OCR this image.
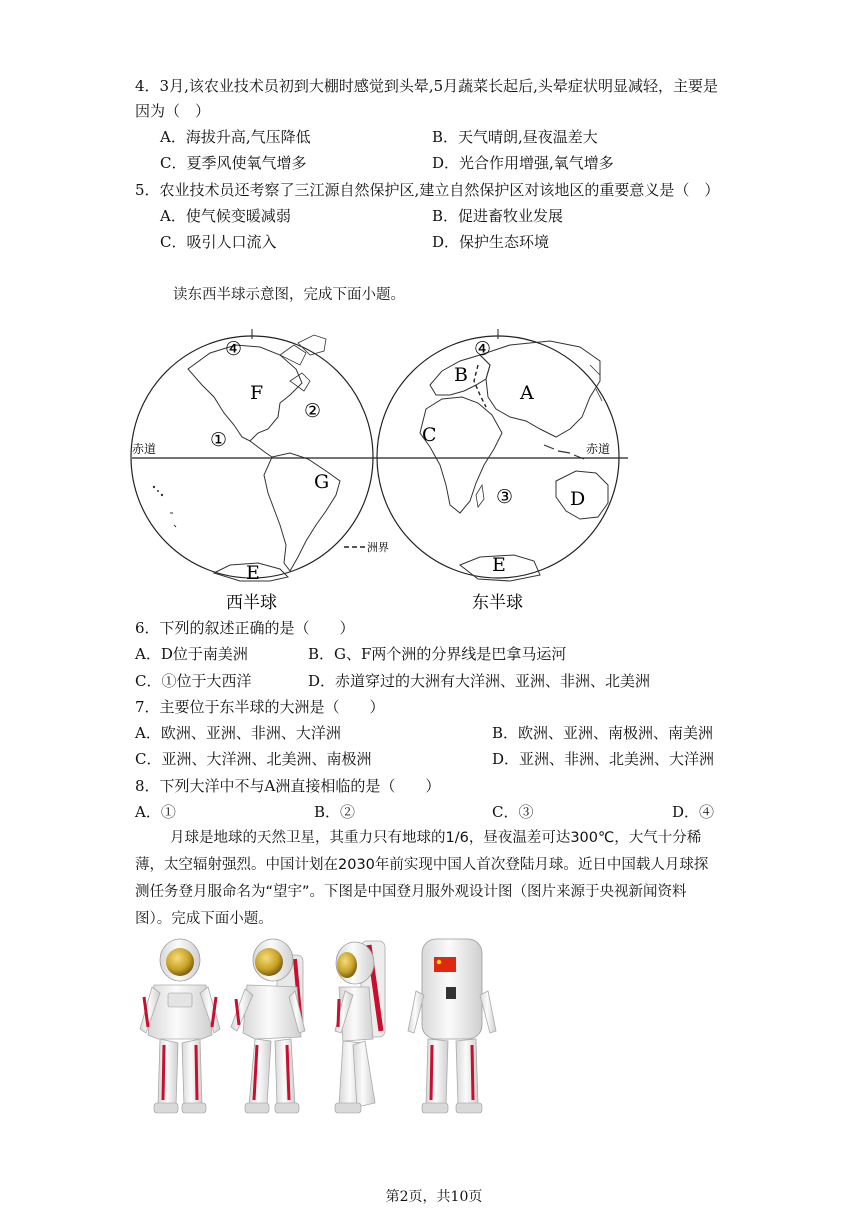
4．3月,该农业技术员初到大棚时感觉到头晕,5月蔬菜长起后,头晕症状明显减轻，主要是
因为（　）
A．海拔升高,气压降低	B．天气晴朗,昼夜温差大
C．夏季风使氧气增多	D．光合作用增强,氧气增多
5．农业技术员还考察了三江源自然保护区,建立自然保护区对该地区的重要意义是（　）
A．使气候变暖减弱	B．促进畜牧业发展
C．吸引人口流入	D．保护生态环境
读东西半球示意图，完成下面小题。
洲界
赤道	赤道
④
F
②
①
G
E
④
B
A
C
③	D
E
西半球	东半球
6．下列的叙述正确的是（　　）
A．D位于南美洲	B．G、F两个洲的分界线是巴拿马运河
C．①位于大西洋	D．赤道穿过的大洲有大洋洲、亚洲、非洲、北美洲
7．主要位于东半球的大洲是（　　）
A．欧洲、亚洲、非洲、大洋洲	B．欧洲、亚洲、南极洲、南美洲
C．亚洲、大洋洲、北美洲、南极洲	D．亚洲、非洲、北美洲、大洋洲
8．下列大洋中不与A洲直接相临的是（　　）
A．①	B．②	C．③	D．④
月球是地球的天然卫星，其重力只有地球的1/6，昼夜温差可达300℃，大气十分稀
薄，太空辐射强烈。中国计划在2030年前实现中国人首次登陆月球。近日中国载人月球探
测任务登月服命名为“望宇”。下图是中国登月服外观设计图（图片来源于央视新闻资料
图）。完成下面小题。
第2页，共10页
